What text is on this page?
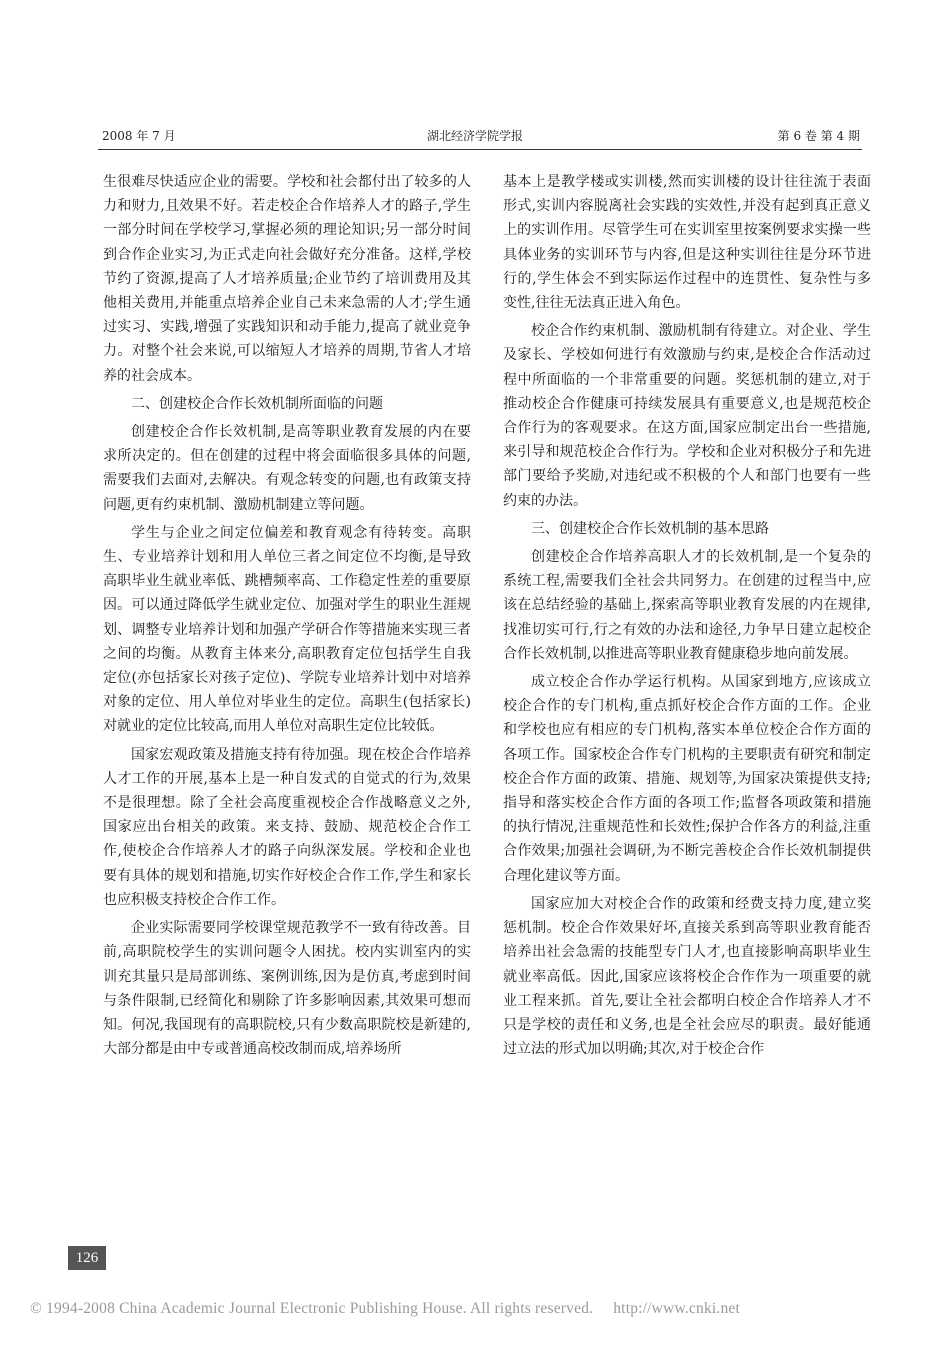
2008 年 7 月	湖北经济学院学报	第 6 卷 第 4 期

生很难尽快适应企业的需要。学校和社会都付出了较多的人力和财力,且效果不好。若走校企合作培养人才的路子,学生一部分时间在学校学习,掌握必须的理论知识;另一部分时间到合作企业实习,为正式走向社会做好充分准备。这样,学校节约了资源,提高了人才培养质量;企业节约了培训费用及其他相关费用,并能重点培养企业自己未来急需的人才;学生通过实习、实践,增强了实践知识和动手能力,提高了就业竞争力。对整个社会来说,可以缩短人才培养的周期,节省人才培养的社会成本。

二、创建校企合作长效机制所面临的问题

创建校企合作长效机制,是高等职业教育发展的内在要求所决定的。但在创建的过程中将会面临很多具体的问题,需要我们去面对,去解决。有观念转变的问题,也有政策支持问题,更有约束机制、激励机制建立等问题。

学生与企业之间定位偏差和教育观念有待转变。高职生、专业培养计划和用人单位三者之间定位不均衡,是导致高职毕业生就业率低、跳槽频率高、工作稳定性差的重要原因。可以通过降低学生就业定位、加强对学生的职业生涯规划、调整专业培养计划和加强产学研合作等措施来实现三者之间的均衡。从教育主体来分,高职教育定位包括学生自我定位(亦包括家长对孩子定位)、学院专业培养计划中对培养对象的定位、用人单位对毕业生的定位。高职生(包括家长)对就业的定位比较高,而用人单位对高职生定位比较低。

国家宏观政策及措施支持有待加强。现在校企合作培养人才工作的开展,基本上是一种自发式的自觉式的行为,效果不是很理想。除了全社会高度重视校企合作战略意义之外,国家应出台相关的政策。来支持、鼓励、规范校企合作工作,使校企合作培养人才的路子向纵深发展。学校和企业也要有具体的规划和措施,切实作好校企合作工作,学生和家长也应积极支持校企合作工作。

企业实际需要同学校课堂规范教学不一致有待改善。目前,高职院校学生的实训问题令人困扰。校内实训室内的实训充其量只是局部训练、案例训练,因为是仿真,考虑到时间与条件限制,已经简化和剔除了许多影响因素,其效果可想而知。何况,我国现有的高职院校,只有少数高职院校是新建的,大部分都是由中专或普通高校改制而成,培养场所

基本上是教学楼或实训楼,然而实训楼的设计往往流于表面形式,实训内容脱离社会实践的实效性,并没有起到真正意义上的实训作用。尽管学生可在实训室里按案例要求实操一些具体业务的实训环节与内容,但是这种实训往往是分环节进行的,学生体会不到实际运作过程中的连贯性、复杂性与多变性,往往无法真正进入角色。

校企合作约束机制、激励机制有待建立。对企业、学生及家长、学校如何进行有效激励与约束,是校企合作活动过程中所面临的一个非常重要的问题。奖惩机制的建立,对于推动校企合作健康可持续发展具有重要意义,也是规范校企合作行为的客观要求。在这方面,国家应制定出台一些措施,来引导和规范校企合作行为。学校和企业对积极分子和先进部门要给予奖励,对违纪或不积极的个人和部门也要有一些约束的办法。

三、创建校企合作长效机制的基本思路

创建校企合作培养高职人才的长效机制,是一个复杂的系统工程,需要我们全社会共同努力。在创建的过程当中,应该在总结经验的基础上,探索高等职业教育发展的内在规律,找准切实可行,行之有效的办法和途径,力争早日建立起校企合作长效机制,以推进高等职业教育健康稳步地向前发展。

成立校企合作办学运行机构。从国家到地方,应该成立校企合作的专门机构,重点抓好校企合作方面的工作。企业和学校也应有相应的专门机构,落实本单位校企合作方面的各项工作。国家校企合作专门机构的主要职责有研究和制定校企合作方面的政策、措施、规划等,为国家决策提供支持;指导和落实校企合作方面的各项工作;监督各项政策和措施的执行情况,注重规范性和长效性;保护合作各方的利益,注重合作效果;加强社会调研,为不断完善校企合作长效机制提供合理化建议等方面。

国家应加大对校企合作的政策和经费支持力度,建立奖惩机制。校企合作效果好坏,直接关系到高等职业教育能否培养出社会急需的技能型专门人才,也直接影响高职毕业生就业率高低。因此,国家应该将校企合作作为一项重要的就业工程来抓。首先,要让全社会都明白校企合作培养人才不只是学校的责任和义务,也是全社会应尽的职责。最好能通过立法的形式加以明确;其次,对于校企合作

126
© 1994-2008 China Academic Journal Electronic Publishing House. All rights reserved. http://www.cnki.net
